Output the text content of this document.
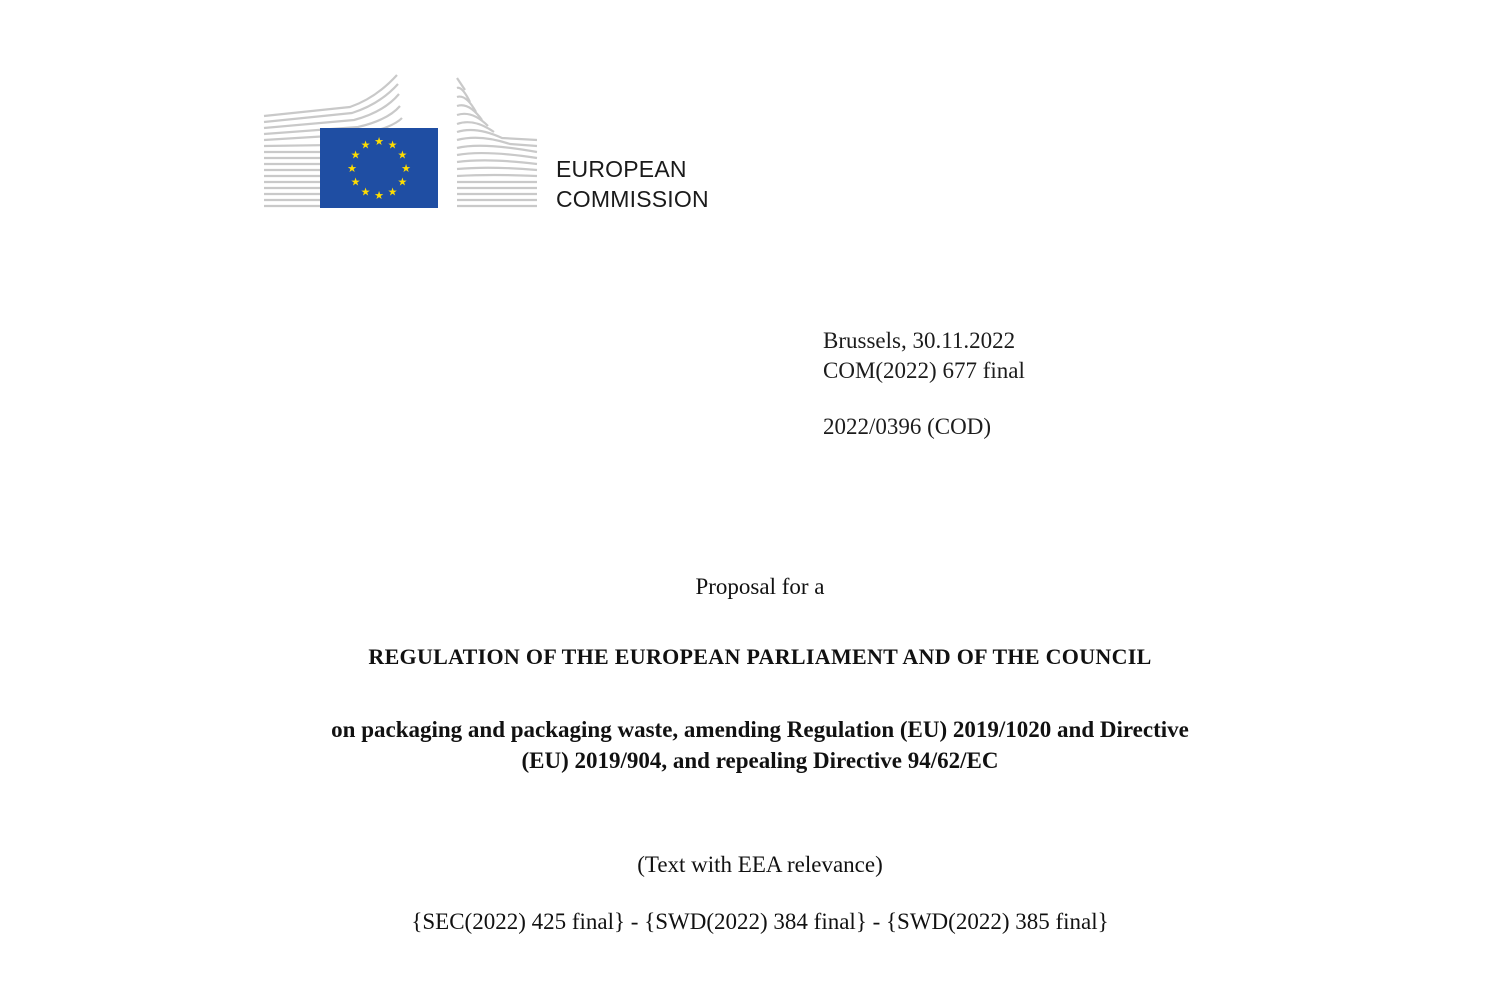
★ ★
★
★
★
★
★
★
★
★
★
★
EUROPEAN
COMMISSION
Brussels, 30.11.2022
COM(2022) 677 final
2022/0396 (COD)
Proposal for a
REGULATION OF THE EUROPEAN PARLIAMENT AND OF THE COUNCIL
on packaging and packaging waste, amending Regulation (EU) 2019/1020 and Directive
(EU) 2019/904, and repealing Directive 94/62/EC
(Text with EEA relevance)
{SEC(2022) 425 final} - {SWD(2022) 384 final} - {SWD(2022) 385 final}
